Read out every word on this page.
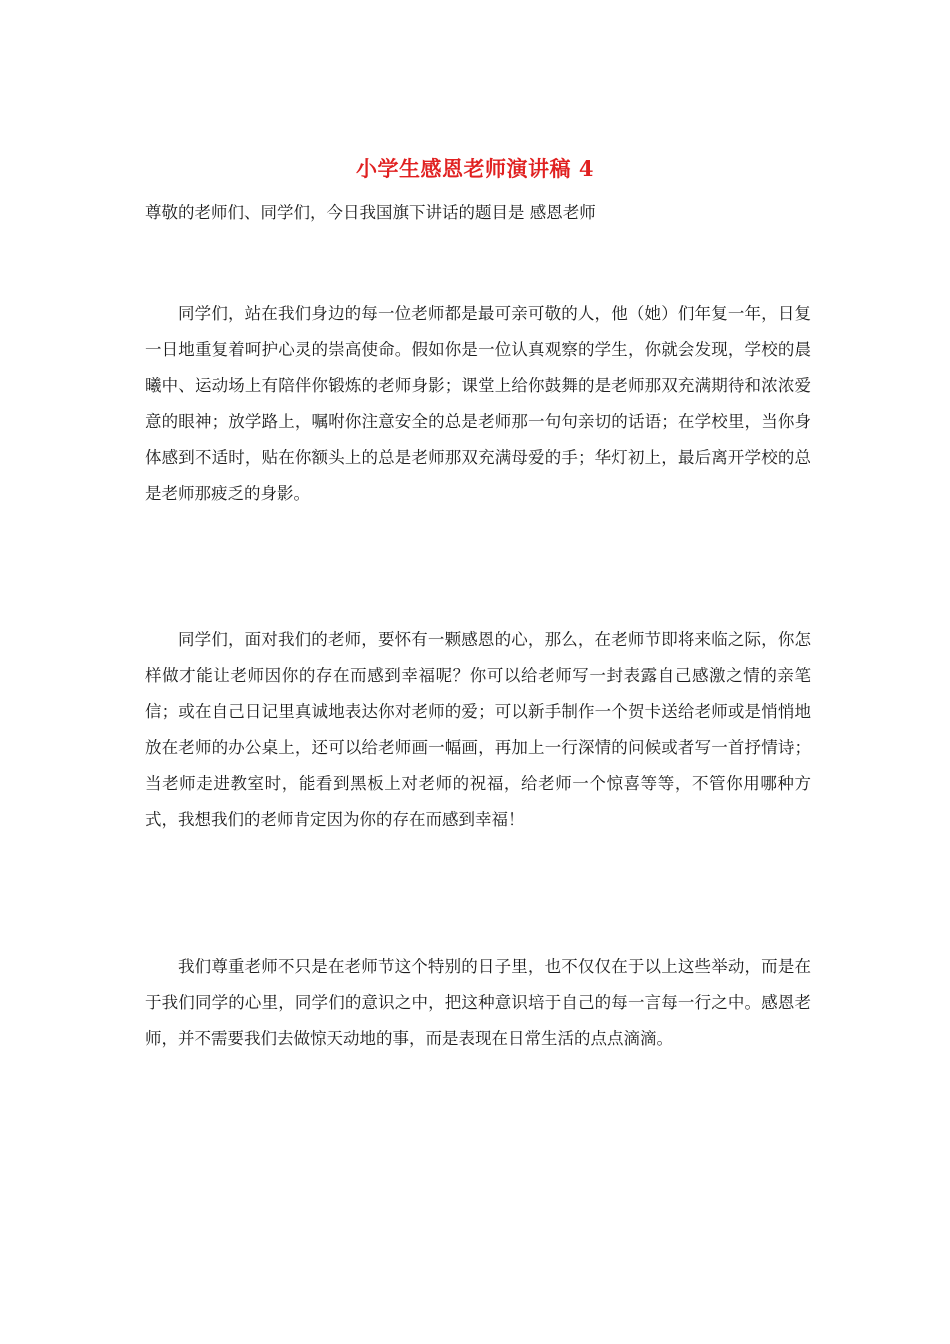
小学生感恩老师演讲稿 4
尊敬的老师们、同学们，今日我国旗下讲话的题目是 感恩老师

同学们，站在我们身边的每一位老师都是最可亲可敬的人，他（她）们年复一年，日复一日地重复着呵护心灵的崇高使命。假如你是一位认真观察的学生，你就会发现，学校的晨曦中、运动场上有陪伴你锻炼的老师身影；课堂上给你鼓舞的是老师那双充满期待和浓浓爱意的眼神；放学路上，嘱咐你注意安全的总是老师那一句句亲切的话语；在学校里，当你身体感到不适时，贴在你额头上的总是老师那双充满母爱的手；华灯初上，最后离开学校的总是老师那疲乏的身影。

同学们，面对我们的老师，要怀有一颗感恩的心，那么，在老师节即将来临之际，你怎样做才能让老师因你的存在而感到幸福呢？你可以给老师写一封表露自己感激之情的亲笔信；或在自己日记里真诚地表达你对老师的爱；可以新手制作一个贺卡送给老师或是悄悄地放在老师的办公桌上，还可以给老师画一幅画，再加上一行深情的问候或者写一首抒情诗；当老师走进教室时，能看到黑板上对老师的祝福，给老师一个惊喜等等，不管你用哪种方式，我想我们的老师肯定因为你的存在而感到幸福！

我们尊重老师不只是在老师节这个特别的日子里，也不仅仅在于以上这些举动，而是在于我们同学的心里，同学们的意识之中，把这种意识培于自己的每一言每一行之中。感恩老师，并不需要我们去做惊天动地的事，而是表现在日常生活的点点滴滴。
